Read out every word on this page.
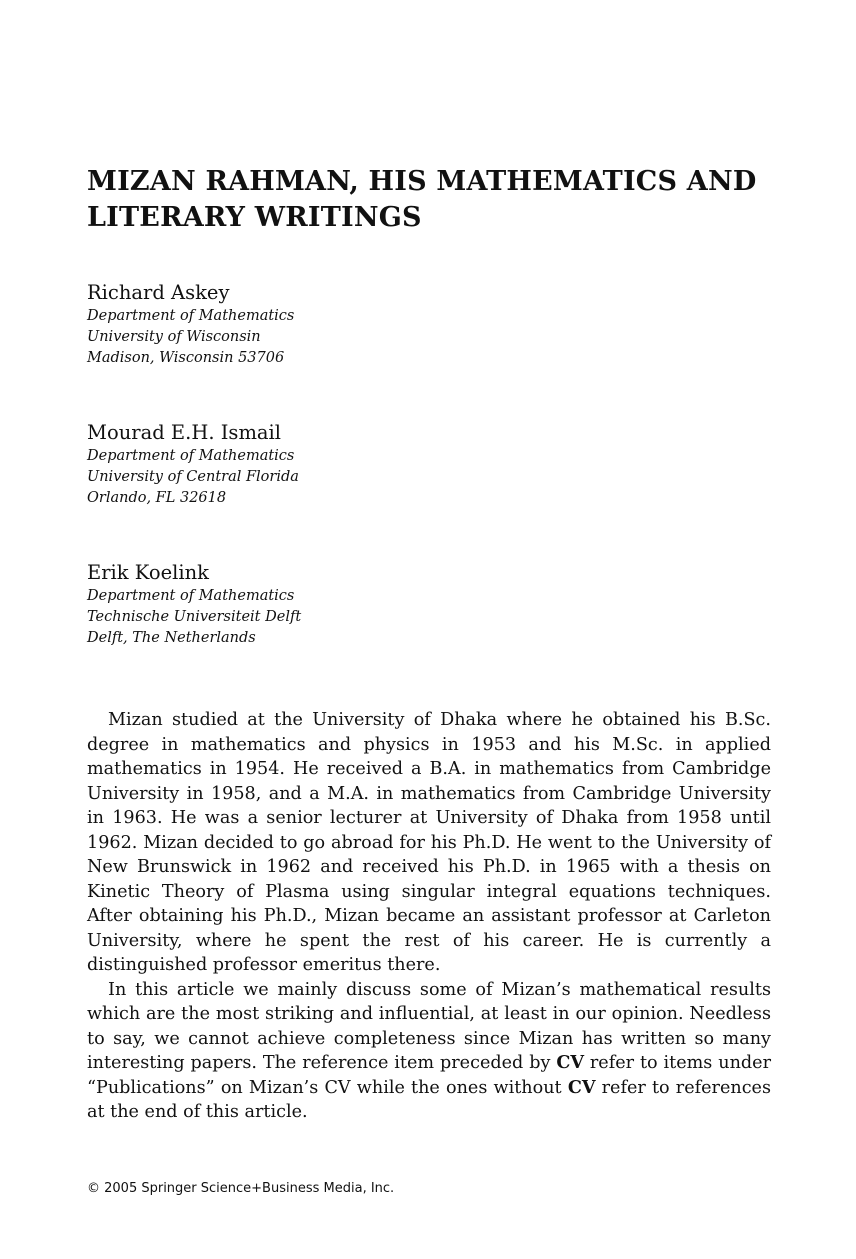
MIZAN RAHMAN, HIS MATHEMATICS AND
LITERARY WRITINGS

Richard Askey

Department of Mathematics

University of Wisconsin

Madison, Wisconsin 53706

Mourad E.H. Ismail

Department of Mathematics

University of Central Florida

Orlando, FL 32618

Erik Koelink

Department of Mathematics

Technische Universiteit Delft

Delft, The Netherlands

Mizan studied at the University of Dhaka where he obtained his B.Sc. degree in mathematics and physics in 1953 and his M.Sc. in applied mathematics in 1954. He received a B.A. in mathematics from Cambridge University in 1958, and a M.A. in mathematics from Cambridge University in 1963. He was a senior lecturer at University of Dhaka from 1958 until 1962. Mizan decided to go abroad for his Ph.D. He went to the University of New Brunswick in 1962 and received his Ph.D. in 1965 with a thesis on Kinetic Theory of Plasma using singular integral equations techniques. After obtaining his Ph.D., Mizan became an assistant professor at Carleton University, where he spent the rest of his career. He is currently a distinguished professor emeritus there.

In this article we mainly discuss some of Mizan’s mathematical results which are the most striking and influential, at least in our opinion. Needless to say, we cannot achieve completeness since Mizan has written so many interesting papers. The reference item preceded by CV refer to items under “Publications” on Mizan’s CV while the ones without CV refer to references at the end of this article.

© 2005 Springer Science+Business Media, Inc.
